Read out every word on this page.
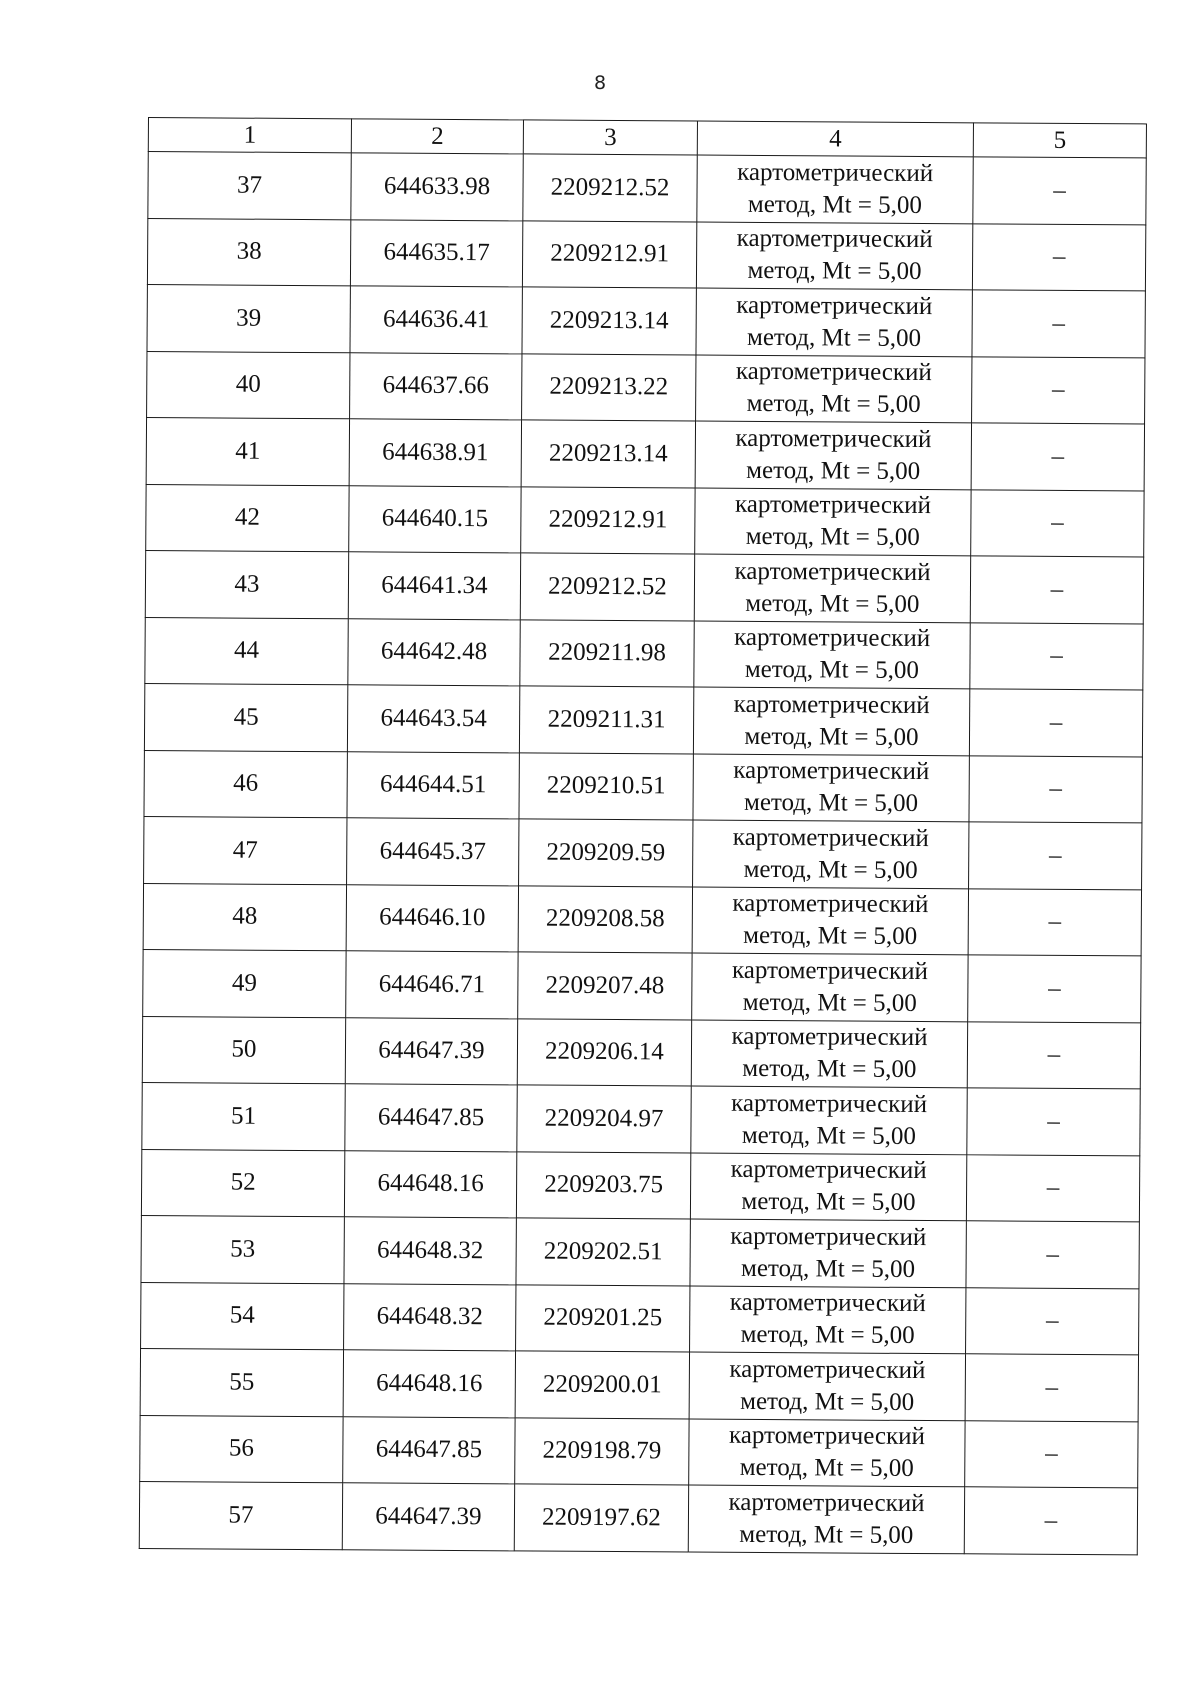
8
1	2	3	4	5
37	644633.98	2209212.52	картометрический
метод, Mt = 5,00	–
38	644635.17	2209212.91	картометрический
метод, Mt = 5,00	–
39	644636.41	2209213.14	картометрический
метод, Mt = 5,00	–
40	644637.66	2209213.22	картометрический
метод, Mt = 5,00	–
41	644638.91	2209213.14	картометрический
метод, Mt = 5,00	–
42	644640.15	2209212.91	картометрический
метод, Mt = 5,00	–
43	644641.34	2209212.52	картометрический
метод, Mt = 5,00	–
44	644642.48	2209211.98	картометрический
метод, Mt = 5,00	–
45	644643.54	2209211.31	картометрический
метод, Mt = 5,00	–
46	644644.51	2209210.51	картометрический
метод, Mt = 5,00	–
47	644645.37	2209209.59	картометрический
метод, Mt = 5,00	–
48	644646.10	2209208.58	картометрический
метод, Mt = 5,00	–
49	644646.71	2209207.48	картометрический
метод, Mt = 5,00	–
50	644647.39	2209206.14	картометрический
метод, Mt = 5,00	–
51	644647.85	2209204.97	картометрический
метод, Mt = 5,00	–
52	644648.16	2209203.75	картометрический
метод, Mt = 5,00	–
53	644648.32	2209202.51	картометрический
метод, Mt = 5,00	–
54	644648.32	2209201.25	картометрический
метод, Mt = 5,00	–
55	644648.16	2209200.01	картометрический
метод, Mt = 5,00	–
56	644647.85	2209198.79	картометрический
метод, Mt = 5,00	–
57	644647.39	2209197.62	картометрический
метод, Mt = 5,00	–
